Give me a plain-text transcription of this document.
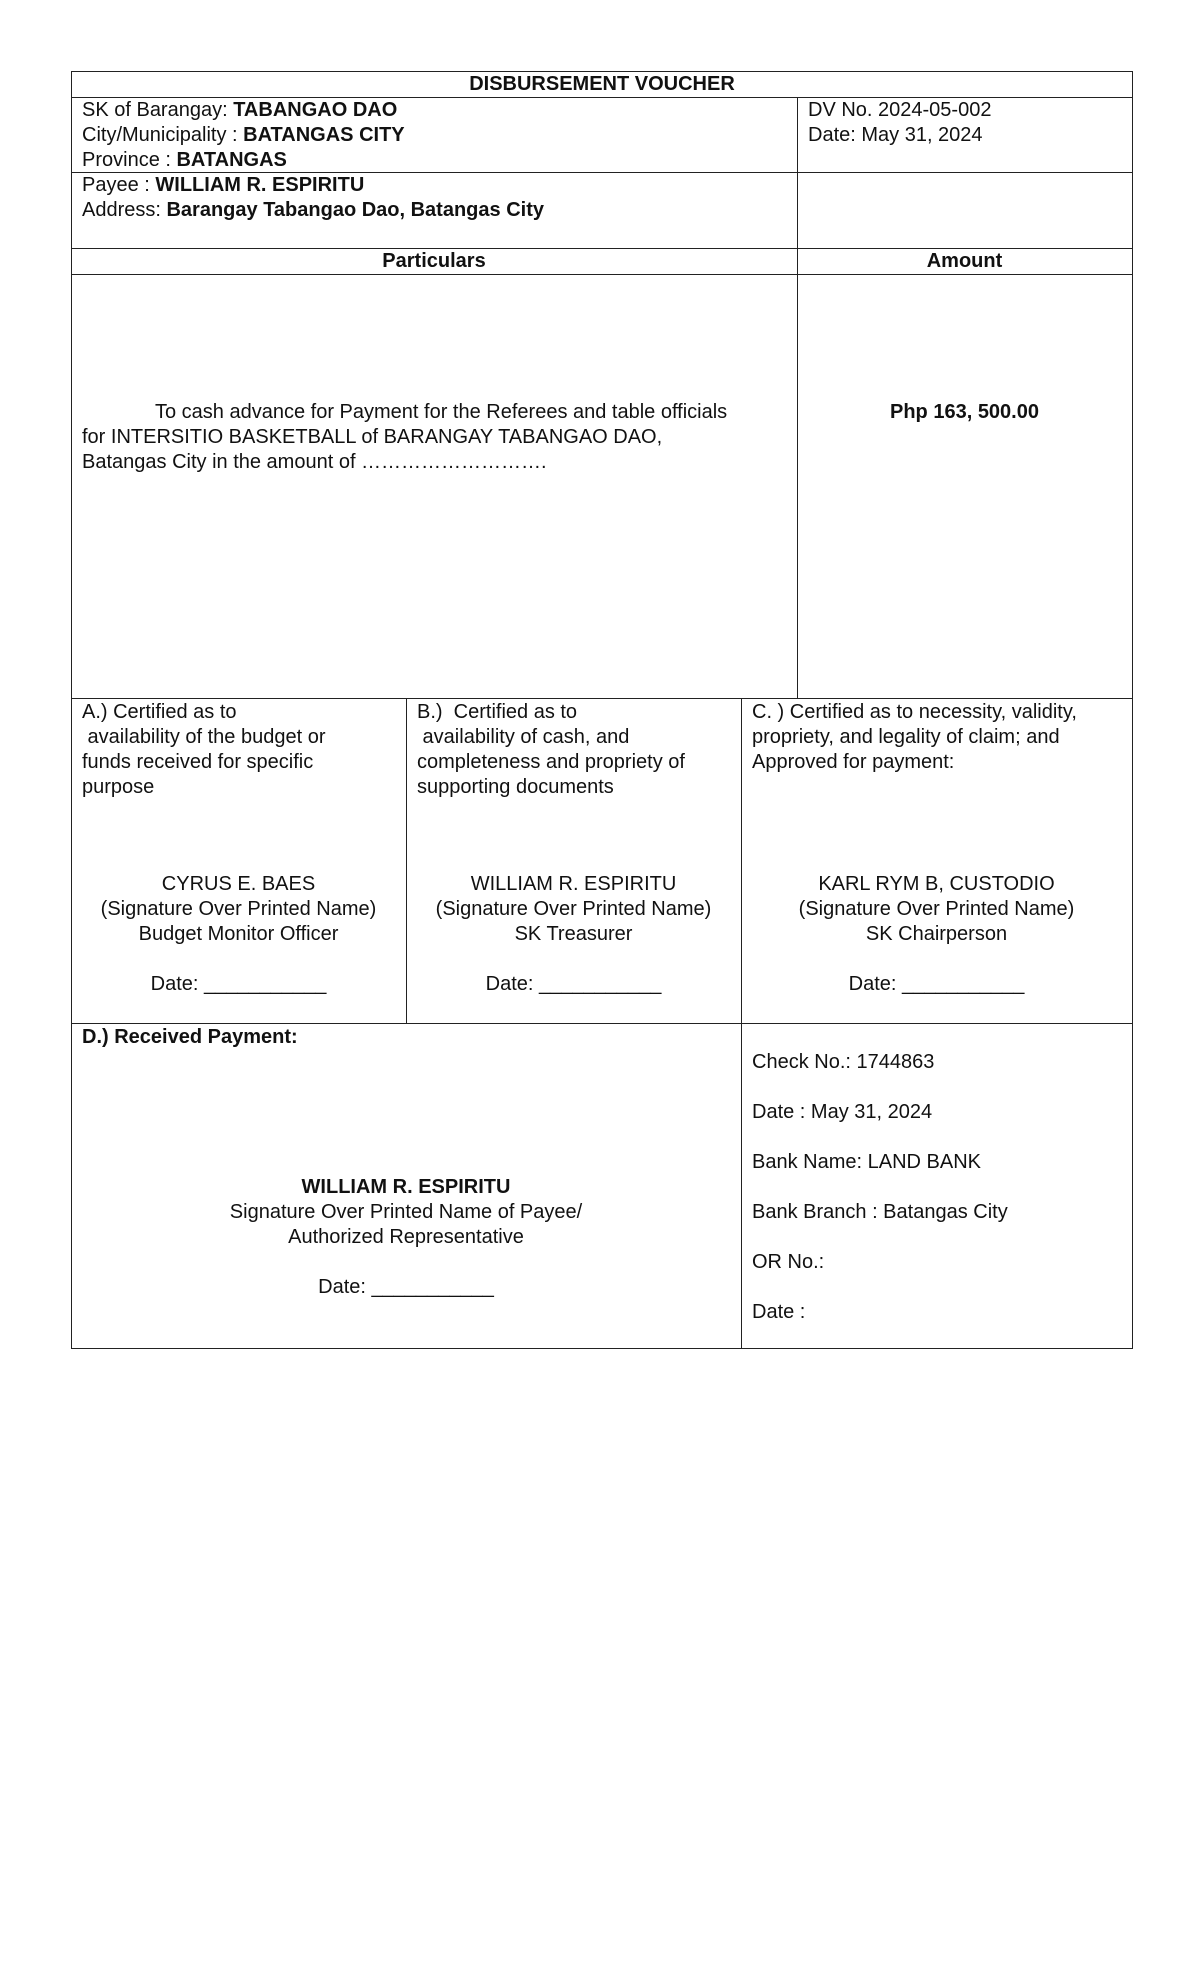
DISBURSEMENT VOUCHER
SK of Barangay: TABANGAO DAO
City/Municipality : BATANGAS CITY
Province : BATANGAS
DV No. 2024-05-002
Date: May 31, 2024
Payee : WILLIAM R. ESPIRITU
Address: Barangay Tabangao Dao, Batangas City
Particulars	Amount
To cash advance for Payment for the Referees and table officials
for INTERSITIO BASKETBALL of BARANGAY TABANGAO DAO,
Batangas City in the amount of ……………………….
Php 163, 500.00
A.) Certified as to
availability of the budget or
funds received for specific
purpose
CYRUS E. BAES
(Signature Over Printed Name)
Budget Monitor Officer
Date: ___________
B.)  Certified as to
availability of cash, and
completeness and propriety of
supporting documents
WILLIAM R. ESPIRITU
(Signature Over Printed Name)
SK Treasurer
Date: ___________
C. ) Certified as to necessity, validity,
propriety, and legality of claim; and
Approved for payment:
KARL RYM B, CUSTODIO
(Signature Over Printed Name)
SK Chairperson
Date: ___________
D.) Received Payment:
WILLIAM R. ESPIRITU
Signature Over Printed Name of Payee/
Authorized Representative
Date: ___________
Check No.: 1744863
Date : May 31, 2024
Bank Name: LAND BANK
Bank Branch : Batangas City
OR No.:
Date :
